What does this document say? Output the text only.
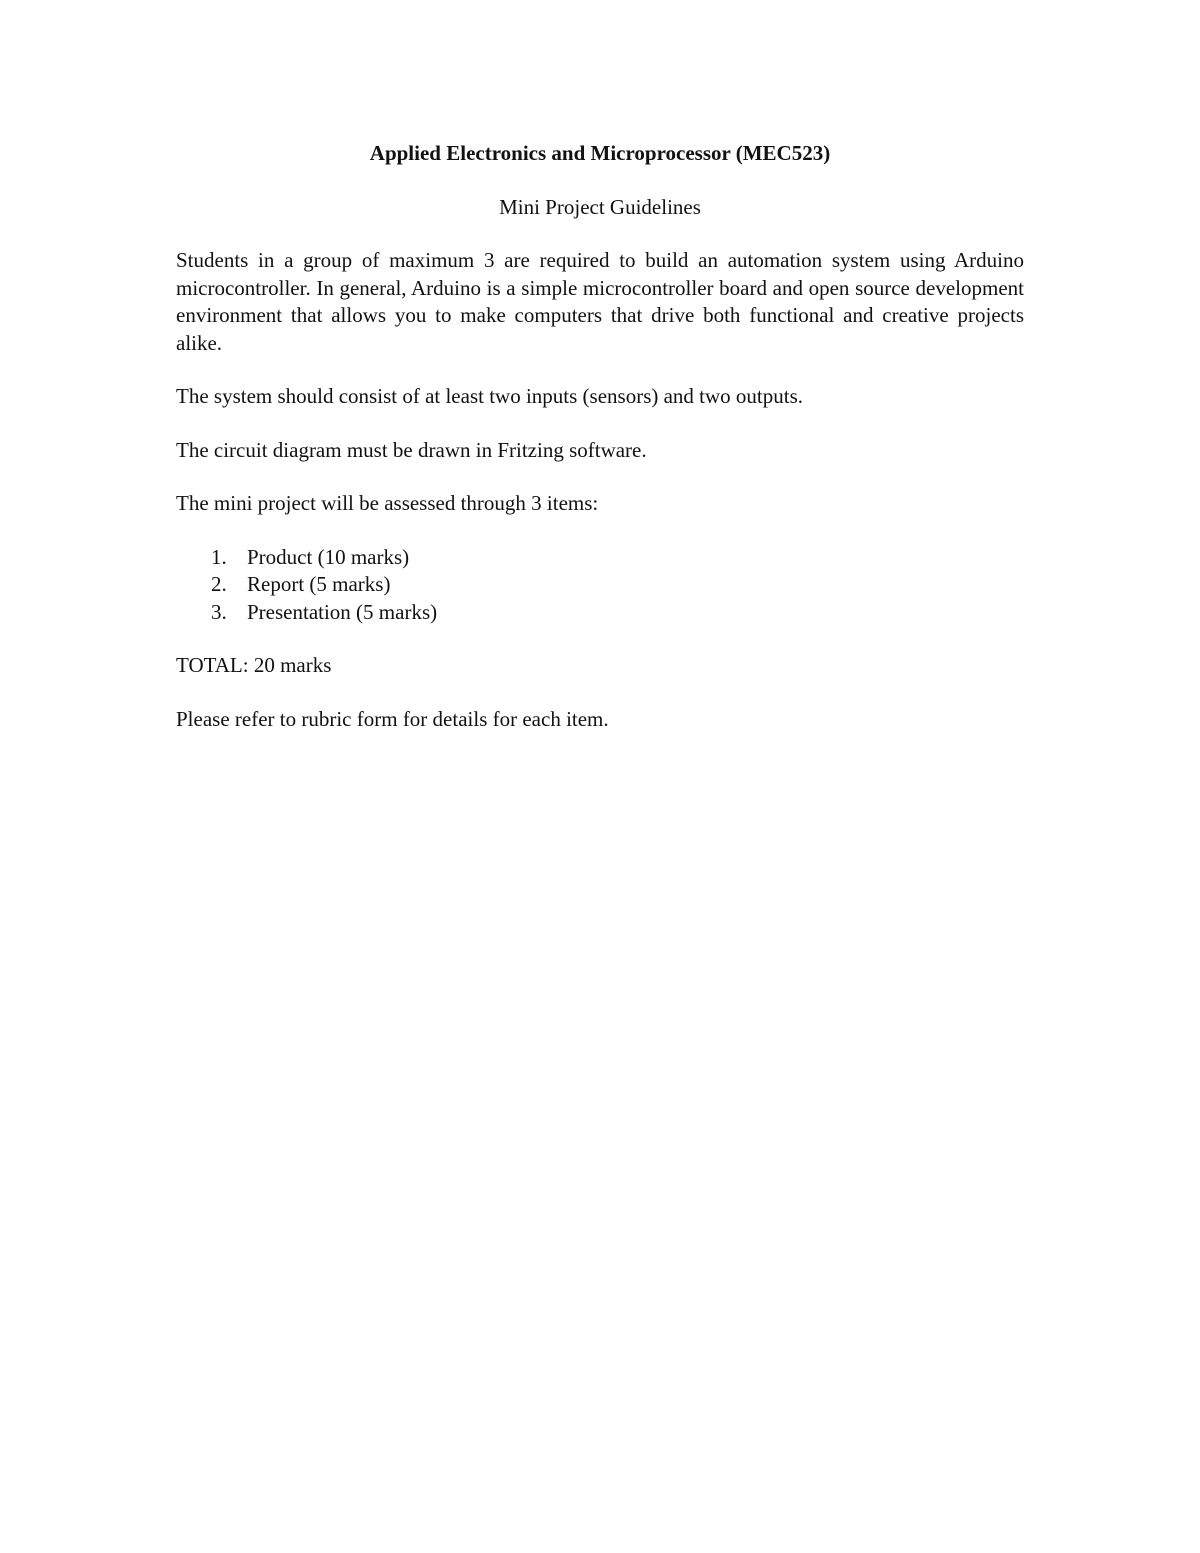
Applied Electronics and Microprocessor (MEC523)
Mini Project Guidelines

Students in a group of maximum 3 are required to build an automation system using Arduino microcontroller. In general, Arduino is a simple microcontroller board and open source development environment that allows you to make computers that drive both functional and creative projects alike.

The system should consist of at least two inputs (sensors) and two outputs.

The circuit diagram must be drawn in Fritzing software.

The mini project will be assessed through 3 items:

1. Product (10 marks)
2. Report (5 marks)
3. Presentation (5 marks)

TOTAL: 20 marks

Please refer to rubric form for details for each item.
